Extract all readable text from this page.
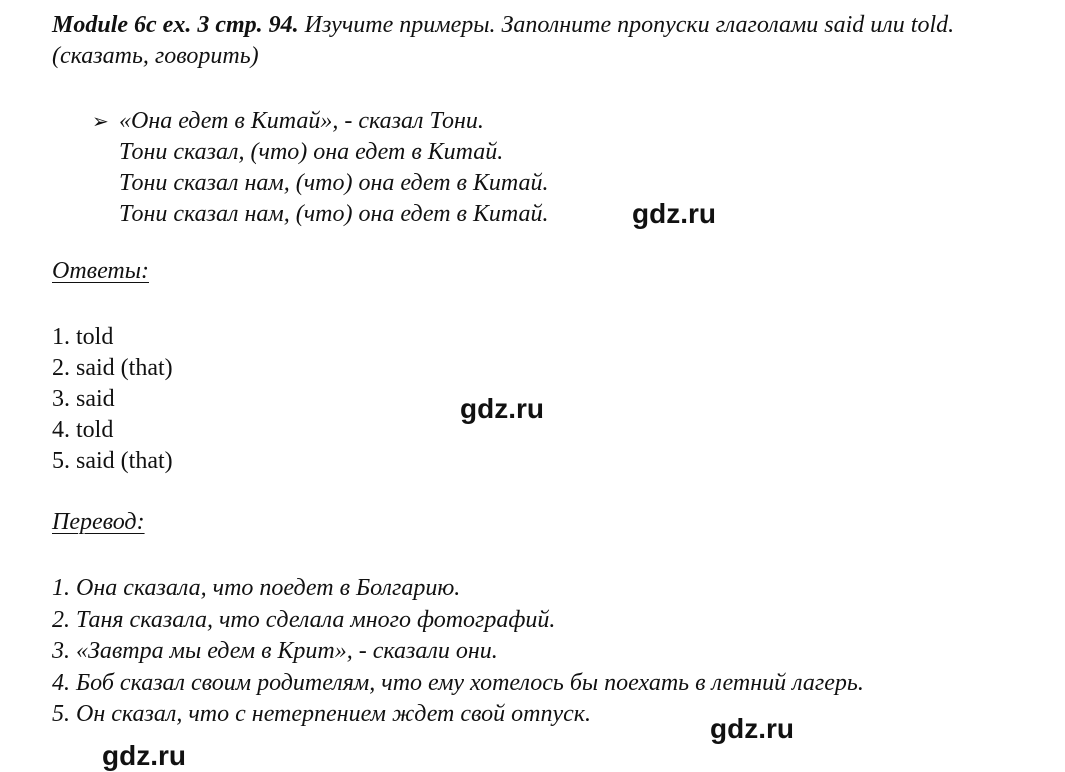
Module 6c ex. 3 стр. 94. Изучите примеры. Заполните пропуски глаголами said или told. (сказать, говорить)
➢ «Она едет в Китай», - сказал Тони.
Тони сказал, (что) она едет в Китай.
Тони сказал нам, (что) она едет в Китай.
Тони сказал нам, (что) она едет в Китай.	gdz.ru
Ответы:
1. told
2. said (that)
3. said
4. told
5. said (that)
gdz.ru
Перевод:
1. Она сказала, что поедет в Болгарию.
2. Таня сказала, что сделала много фотографий.
3. «Завтра мы едем в Крит», - сказали они.
4. Боб сказал своим родителям, что ему хотелось бы поехать в летний лагерь.
5. Он сказал, что с нетерпением ждет свой отпуск.	gdz.ru
gdz.ru
